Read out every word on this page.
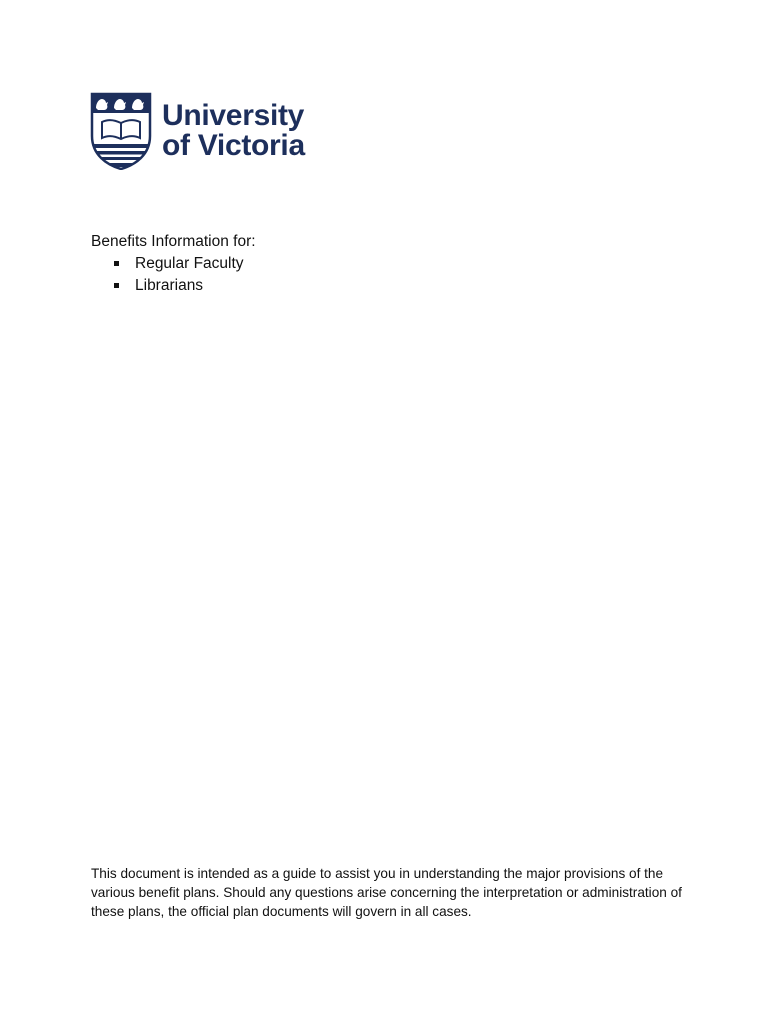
University
of Victoria
Benefits Information for:
Regular Faculty
Librarians
This document is intended as a guide to assist you in understanding the major provisions of the various benefit plans. Should any questions arise concerning the interpretation or administration of these plans, the official plan documents will govern in all cases.
